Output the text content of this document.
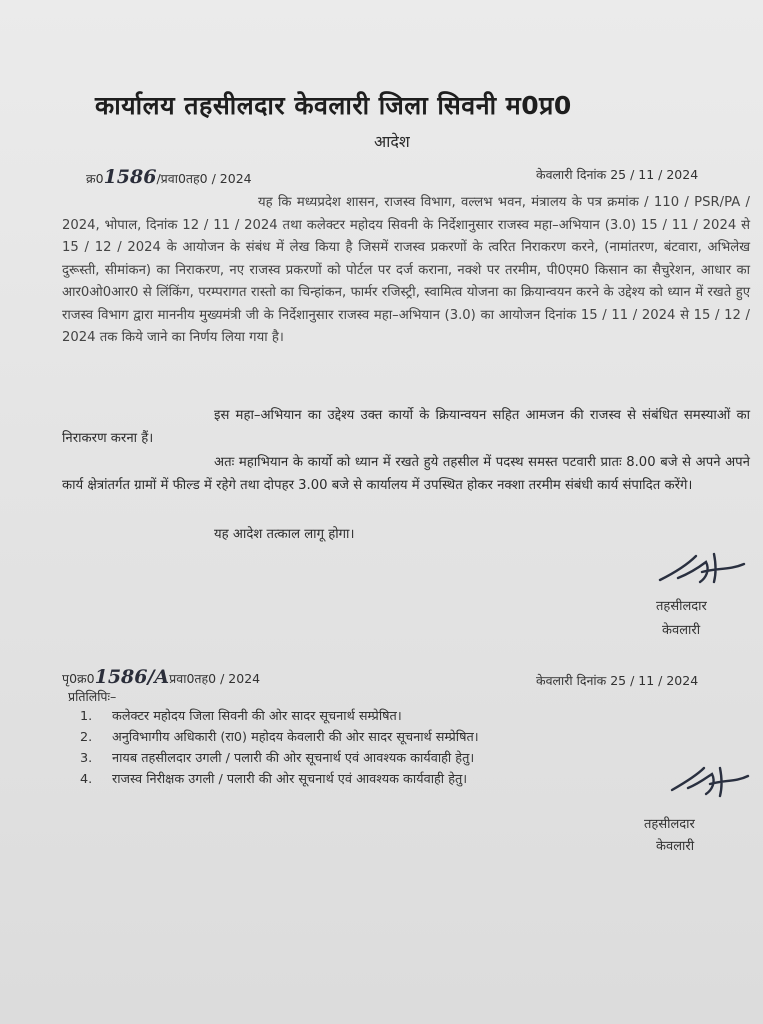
कार्यालय तहसीलदार केवलारी जिला सिवनी म0प्र0
आदेश
क्र01586/प्रवा0तह0 / 2024	केवलारी दिनांक 25 / 11 / 2024
यह कि मध्यप्रदेश शासन, राजस्व विभाग, वल्लभ भवन, मंत्रालय के पत्र क्रमांक / 110 / PSR/PA / 2024, भोपाल, दिनांक 12 / 11 / 2024 तथा कलेक्टर महोदय सिवनी के निर्देशानुसार राजस्व महा–अभियान (3.0) 15 / 11 / 2024 से 15 / 12 / 2024 के आयोजन के संबंध में लेख किया है जिसमें राजस्व प्रकरणों के त्वरित निराकरण करने, (नामांतरण, बंटवारा, अभिलेख दुरूस्ती, सीमांकन) का निराकरण, नए राजस्व प्रकरणों को पोर्टल पर दर्ज कराना, नक्शे पर तरमीम, पी0एम0 किसान का सैचुरेशन, आधार का आर0ओ0आर0 से लिंकिंग, परम्परागत रास्तो का चिन्हांकन, फार्मर रजिस्ट्री, स्वामित्व योजना का क्रियान्वयन करने के उद्देश्य को ध्यान में रखते हुए राजस्व विभाग द्वारा माननीय मुख्यमंत्री जी के निर्देशानुसार राजस्व महा–अभियान (3.0) का आयोजन दिनांक 15 / 11 / 2024 से 15 / 12 / 2024 तक किये जाने का निर्णय लिया गया है।
इस महा–अभियान का उद्देश्य उक्त कार्यो के क्रियान्वयन सहित आमजन की राजस्व से संबंधित समस्याओं का निराकरण करना हैं।
अतः महाभियान के कार्यो को ध्यान में रखते हुये तहसील में पदस्थ समस्त पटवारी प्रातः 8.00 बजे से अपने अपने कार्य क्षेत्रांतर्गत ग्रामों में फील्ड में रहेगे तथा दोपहर 3.00 बजे से कार्यालय में उपस्थित होकर नक्शा तरमीम संबंधी कार्य संपादित करेंगे।
यह आदेश तत्काल लागू होगा।
तहसीलदार
केवलारी
पृ0क्र01586/Aप्रवा0तह0 / 2024	केवलारी दिनांक 25 / 11 / 2024
प्रतिलिपिः–
1.	कलेक्टर महोदय जिला सिवनी की ओर सादर सूचनार्थ सम्प्रेषित।
2.	अनुविभागीय अधिकारी (रा0) महोदय केवलारी की ओर सादर सूचनार्थ सम्प्रेषित।
3.	नायब तहसीलदार उगली / पलारी की ओर सूचनार्थ एवं आवश्यक कार्यवाही हेतु।
4.	राजस्व निरीक्षक उगली / पलारी की ओर सूचनार्थ एवं आवश्यक कार्यवाही हेतु।
तहसीलदार
केवलारी
